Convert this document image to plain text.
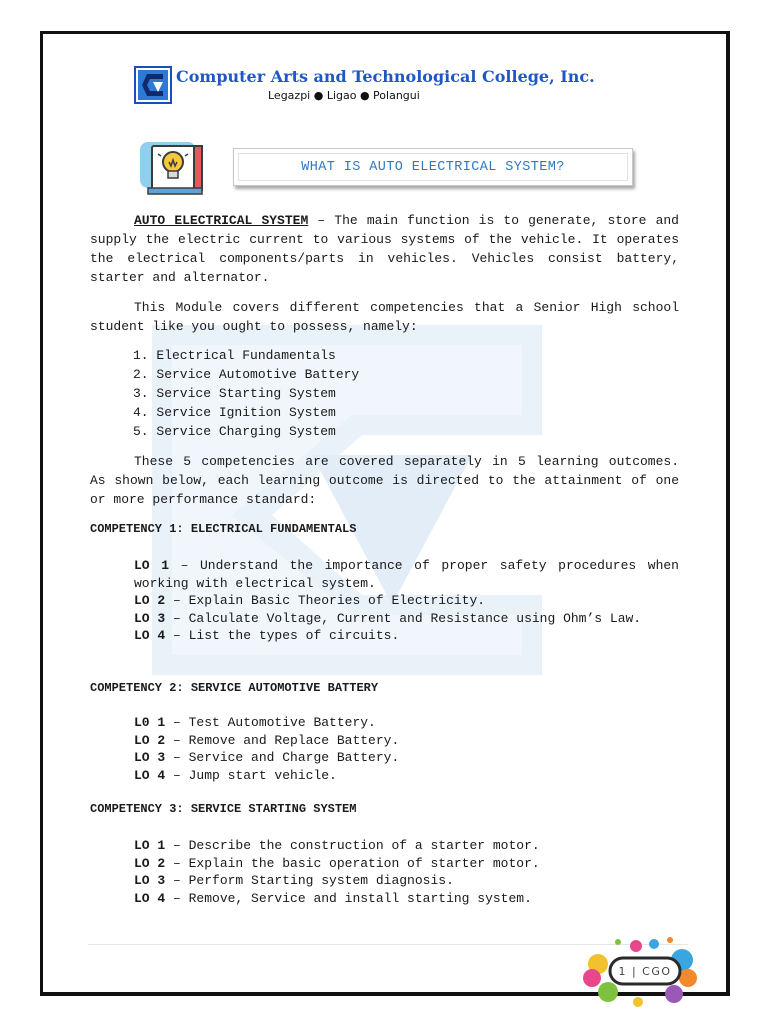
Computer Arts and Technological College, Inc.
Legazpi ● Ligao ● Polangui
WHAT IS AUTO ELECTRICAL SYSTEM?

AUTO ELECTRICAL SYSTEM – The main function is to generate, store and supply the electric current to various systems of the vehicle. It operates the electrical components/parts in vehicles. Vehicles consist battery, starter and alternator.

This Module covers different competencies that a Senior High school student like you ought to possess, namely:

1. Electrical Fundamentals
2. Service Automotive Battery
3. Service Starting System
4. Service Ignition System
5. Service Charging System

These 5 competencies are covered separately in 5 learning outcomes. As shown below, each learning outcome is directed to the attainment of one or more performance standard:

COMPETENCY 1: ELECTRICAL FUNDAMENTALS
LO 1 – Understand the importance of proper safety procedures when working with electrical system.
LO 2 – Explain Basic Theories of Electricity.
LO 3 – Calculate Voltage, Current and Resistance using Ohm’s Law.
LO 4 – List the types of circuits.
COMPETENCY 2: SERVICE AUTOMOTIVE BATTERY
L0 1 – Test Automotive Battery.
LO 2 – Remove and Replace Battery.
LO 3 – Service and Charge Battery.
LO 4 – Jump start vehicle.
COMPETENCY 3: SERVICE STARTING SYSTEM
LO 1 – Describe the construction of a starter motor.
LO 2 – Explain the basic operation of starter motor.
LO 3 – Perform Starting system diagnosis.
LO 4 – Remove, Service and install starting system.
1 | CGO
